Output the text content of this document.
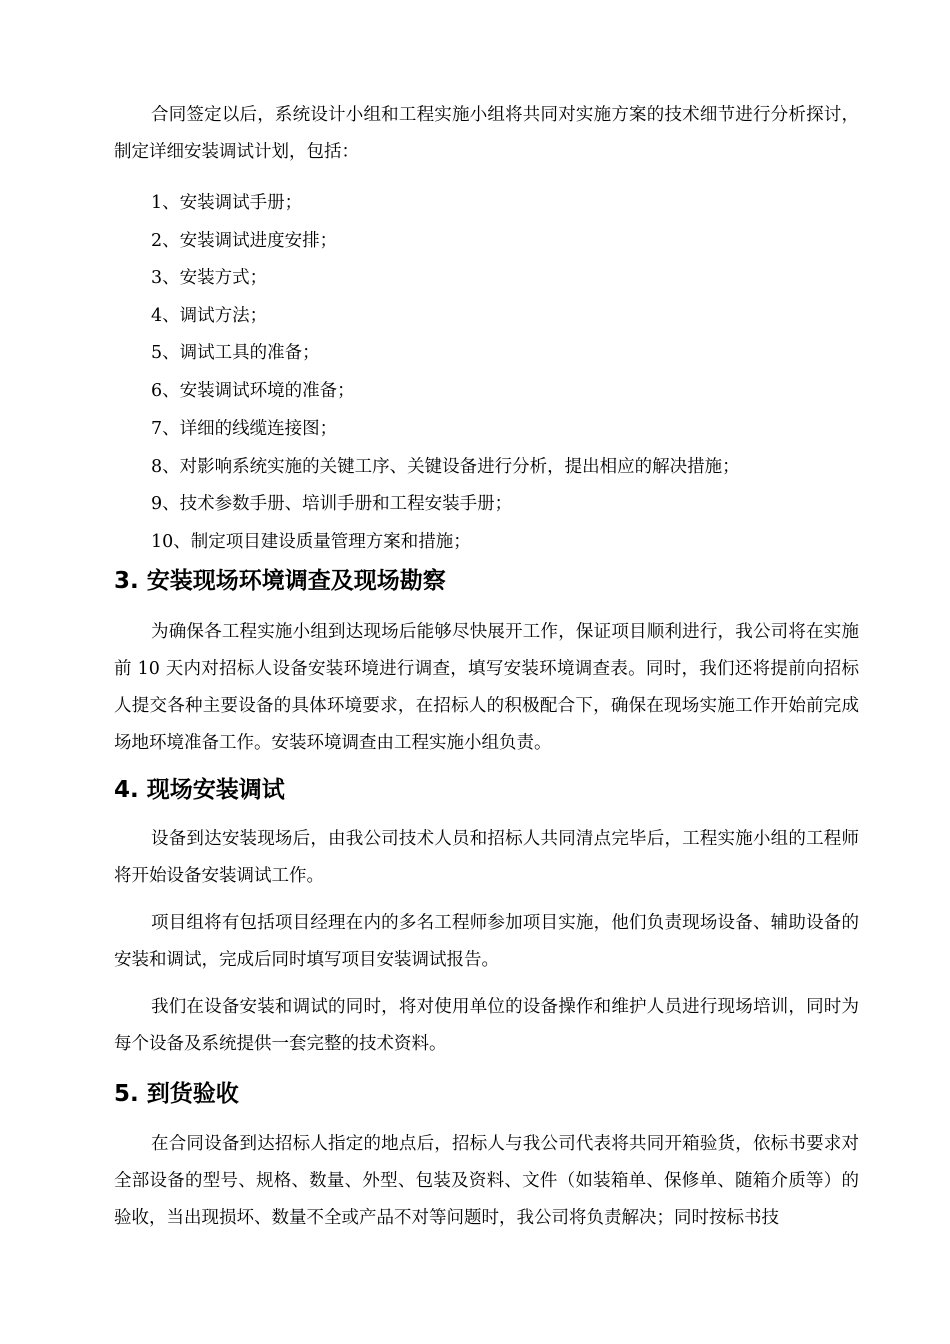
合同签定以后，系统设计小组和工程实施小组将共同对实施方案的技术细节进行分析探讨，制定详细安装调试计划，包括：

1、安装调试手册；

2、安装调试进度安排；

3、安装方式；

4、调试方法；

5、调试工具的准备；

6、安装调试环境的准备；

7、详细的线缆连接图；

8、对影响系统实施的关键工序、关键设备进行分析，提出相应的解决措施；

9、技术参数手册、培训手册和工程安装手册；

10、制定项目建设质量管理方案和措施；

3. 安装现场环境调查及现场勘察

为确保各工程实施小组到达现场后能够尽快展开工作，保证项目顺利进行，我公司将在实施前 10 天内对招标人设备安装环境进行调查，填写安装环境调查表。同时，我们还将提前向招标人提交各种主要设备的具体环境要求，在招标人的积极配合下，确保在现场实施工作开始前完成场地环境准备工作。安装环境调查由工程实施小组负责。

4. 现场安装调试

设备到达安装现场后，由我公司技术人员和招标人共同清点完毕后，工程实施小组的工程师将开始设备安装调试工作。

项目组将有包括项目经理在内的多名工程师参加项目实施，他们负责现场设备、辅助设备的安装和调试，完成后同时填写项目安装调试报告。

我们在设备安装和调试的同时，将对使用单位的设备操作和维护人员进行现场培训，同时为每个设备及系统提供一套完整的技术资料。

5. 到货验收

在合同设备到达招标人指定的地点后，招标人与我公司代表将共同开箱验货，依标书要求对全部设备的型号、规格、数量、外型、包装及资料、文件（如装箱单、保修单、随箱介质等）的验收，当出现损坏、数量不全或产品不对等问题时，我公司将负责解决；同时按标书技
